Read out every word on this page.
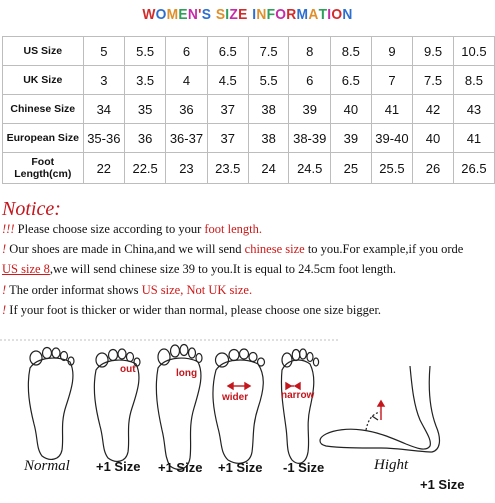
WOMEN'S SIZE INFORMATION
US Size	5	5.5	6	6.5	7.5	8	8.5	9	9.5	10.5
UK Size	3	3.5	4	4.5	5.5	6	6.5	7	7.5	8.5
Chinese Size	34	35	36	37	38	39	40	41	42	43
European Size	35-36	36	36-37	37	38	38-39	39	39-40	40	41

Foot
Length(cm)	22	22.5	23	23.5	24	24.5	25	25.5	26	26.5
Notice:
!!! Please choose size according to your foot length.
! Our shoes are made in China,and we will send chinese size to you.For example,if you orde
US size 8,we will send chinese size 39 to you.It is equal to 24.5cm foot length.
! The order informat shows US size, Not UK size.
! If your foot is thicker or wider than normal, please choose one size bigger.
out	long
wider	narrow
Normal +1 Size +1 Size +1 Size -1 Size	Hight
+1 Size
